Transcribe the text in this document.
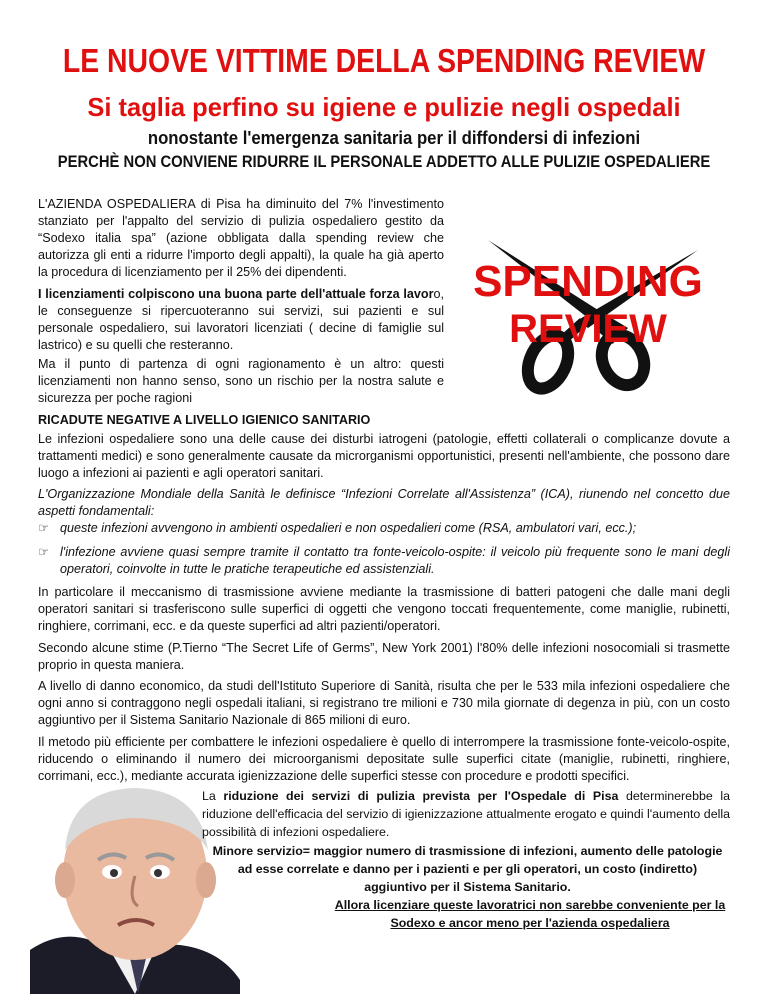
LE NUOVE VITTIME DELLA SPENDING REVIEW
Si taglia perfino su igiene e pulizie negli ospedali
nonostante l'emergenza sanitaria per il diffondersi di infezioni
PERCHÈ NON CONVIENE RIDURRE IL PERSONALE ADDETTO ALLE PULIZIE OSPEDALIERE

L'AZIENDA OSPEDALIERA di Pisa ha diminuito del 7% l'investimento stanziato per l'appalto del servizio di pulizia ospedaliero gestito da “Sodexo italia spa” (azione obbligata dalla spending review che autorizza gli enti a ridurre l'importo degli appalti), la quale ha già aperto la procedura di licenziamento per il 25% dei dipendenti.

I licenziamenti colpiscono una buona parte dell'attuale forza lavoro, le conseguenze si ripercuoteranno sui servizi, sui pazienti e sul personale ospedaliero, sui lavoratori licenziati ( decine di famiglie sul lastrico) e su quelli che resteranno.

Ma il punto di partenza di ogni ragionamento è un altro: questi licenziamenti non hanno senso, sono un rischio per la nostra salute e sicurezza per poche ragioni

SPENDING
REVIEW
RICADUTE NEGATIVE A LIVELLO IGIENICO SANITARIO

Le infezioni ospedaliere sono una delle cause dei disturbi iatrogeni (patologie, effetti collaterali o complicanze dovute a trattamenti medici) e sono generalmente causate da microrganismi opportunistici, presenti nell'ambiente, che possono dare luogo a infezioni ai pazienti e agli operatori sanitari.

L'Organizzazione Mondiale della Sanità le definisce “Infezioni Correlate all'Assistenza” (ICA), riunendo nel concetto due aspetti fondamentali:

☞ queste infezioni avvengono in ambienti ospedalieri e non ospedalieri come (RSA, ambulatori vari, ecc.);
☞ l'infezione avviene quasi sempre tramite il contatto tra fonte-veicolo-ospite: il veicolo più frequente sono le mani degli operatori, coinvolte in tutte le pratiche terapeutiche ed assistenziali.

In particolare il meccanismo di trasmissione avviene mediante la trasmissione di batteri patogeni che dalle mani degli operatori sanitari si trasferiscono sulle superfici di oggetti che vengono toccati frequentemente, come maniglie, rubinetti, ringhiere, corrimani, ecc. e da queste superfici ad altri pazienti/operatori.

Secondo alcune stime (P.Tierno “The Secret Life of Germs”, New York 2001) l'80% delle infezioni nosocomiali si trasmette proprio in questa maniera.

A livello di danno economico, da studi dell'Istituto Superiore di Sanità, risulta che per le 533 mila infezioni ospedaliere che ogni anno si contraggono negli ospedali italiani, si registrano tre milioni e 730 mila giornate di degenza in più, con un costo aggiuntivo per il Sistema Sanitario Nazionale di 865 milioni di euro.

Il metodo più efficiente per combattere le infezioni ospedaliere è quello di interrompere la trasmissione fonte-veicolo-ospite, riducendo o eliminando il numero dei microorganismi depositate sulle superfici citate (maniglie, rubinetti, ringhiere, corrimani, ecc.), mediante accurata igienizzazione delle superfici stesse con procedure e prodotti specifici.

La riduzione dei servizi di pulizia prevista per l'Ospedale di Pisa determinerebbe la riduzione dell'efficacia del servizio di igienizzazione attualmente erogato e quindi l'aumento della possibilità di infezioni ospedaliere.

Minore servizio= maggior numero di trasmissione di infezioni, aumento delle patologie ad esse correlate e danno per i pazienti e per gli operatori, un costo (indiretto) aggiuntivo per il Sistema Sanitario.

Allora licenziare queste lavoratrici non sarebbe conveniente per la Sodexo e ancor meno per l'azienda ospedaliera
